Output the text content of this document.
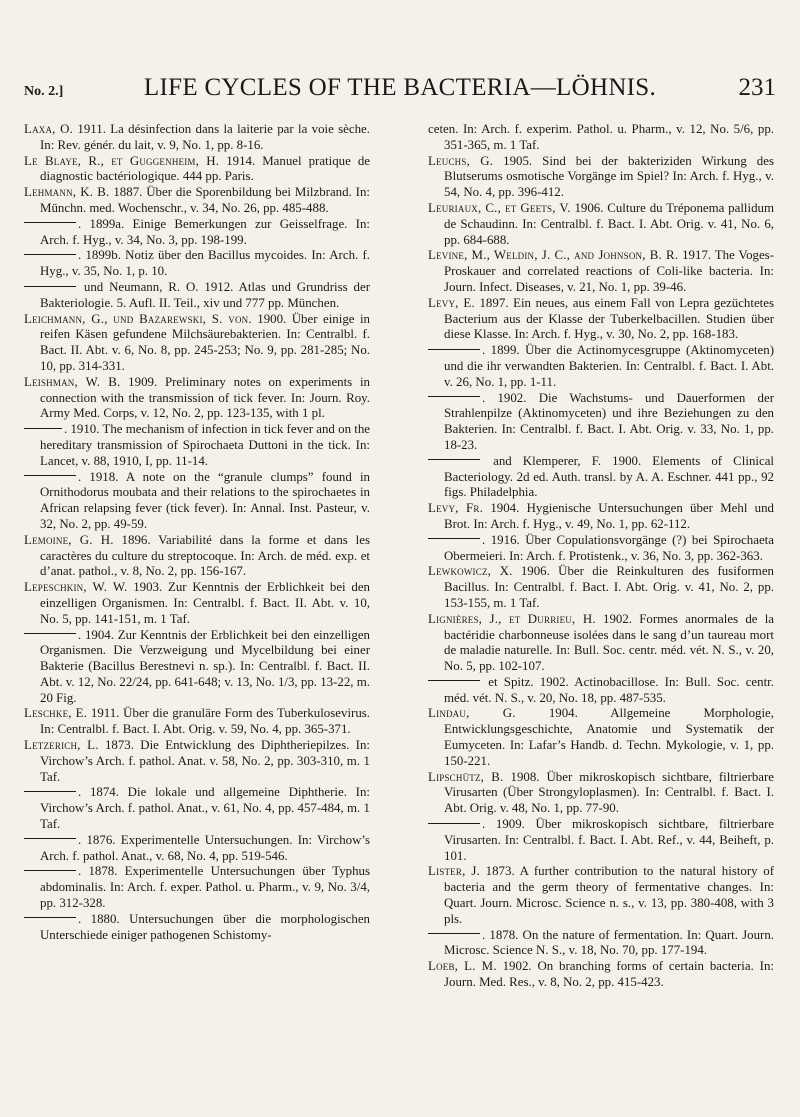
No. 2.]	LIFE CYCLES OF THE BACTERIA—LÖHNIS.	231

Laxa, O. 1911. La désinfection dans la laiterie par la voie sèche. In: Rev. génér. du lait, v. 9, No. 1, pp. 8-16.

Le Blaye, R., et Guggenheim, H. 1914. Manuel pratique de diagnostic bactériologique. 444 pp. Paris.

Lehmann, K. B. 1887. Über die Sporenbildung bei Milzbrand. In: Münchn. med. Wochenschr., v. 34, No. 26, pp. 485-488.

. 1899a. Einige Bemerkungen zur Geisselfrage. In: Arch. f. Hyg., v. 34, No. 3, pp. 198-199.

. 1899b. Notiz über den Bacillus mycoides. In: Arch. f. Hyg., v. 35, No. 1, p. 10.

und Neumann, R. O. 1912. Atlas und Grundriss der Bakteriologie. 5. Aufl. II. Teil., xiv und 777 pp. München.

Leichmann, G., und Bazarewski, S. von. 1900. Über einige in reifen Käsen gefundene Milchsäurebakterien. In: Centralbl. f. Bact. II. Abt. v. 6, No. 8, pp. 245-253; No. 9, pp. 281-285; No. 10, pp. 314-331.

Leishman, W. B. 1909. Preliminary notes on experiments in connection with the transmission of tick fever. In: Journ. Roy. Army Med. Corps, v. 12, No. 2, pp. 123-135, with 1 pl.

. 1910. The mechanism of infection in tick fever and on the hereditary transmission of Spirochaeta Duttoni in the tick. In: Lancet, v. 88, 1910, I, pp. 11-14.

. 1918. A note on the “granule clumps” found in Ornithodorus moubata and their relations to the spirochaetes in African relapsing fever (tick fever). In: Annal. Inst. Pasteur, v. 32, No. 2, pp. 49-59.

Lemoine, G. H. 1896. Variabilité dans la forme et dans les caractères du culture du streptocoque. In: Arch. de méd. exp. et d’anat. pathol., v. 8, No. 2, pp. 156-167.

Lepeschkin, W. W. 1903. Zur Kenntnis der Erblichkeit bei den einzelligen Organismen. In: Centralbl. f. Bact. II. Abt. v. 10, No. 5, pp. 141-151, m. 1 Taf.

. 1904. Zur Kenntnis der Erblichkeit bei den einzelligen Organismen. Die Verzweigung und Mycelbildung bei einer Bakterie (Bacillus Berestnevi n. sp.). In: Centralbl. f. Bact. II. Abt. v. 12, No. 22/24, pp. 641-648; v. 13, No. 1/3, pp. 13-22, m. 20 Fig.

Leschke, E. 1911. Über die granuläre Form des Tuberkulosevirus. In: Centralbl. f. Bact. I. Abt. Orig. v. 59, No. 4, pp. 365-371.

Letzerich, L. 1873. Die Entwicklung des Diphtheriepilzes. In: Virchow’s Arch. f. pathol. Anat. v. 58, No. 2, pp. 303-310, m. 1 Taf.

. 1874. Die lokale und allgemeine Diphtherie. In: Virchow’s Arch. f. pathol. Anat., v. 61, No. 4, pp. 457-484, m. 1 Taf.

. 1876. Experimentelle Untersuchungen. In: Virchow’s Arch. f. pathol. Anat., v. 68, No. 4, pp. 519-546.

. 1878. Experimentelle Untersuchungen über Typhus abdominalis. In: Arch. f. exper. Pathol. u. Pharm., v. 9, No. 3/4, pp. 312-328.

. 1880. Untersuchungen über die morphologischen Unterschiede einiger pathogenen Schistomy-

ceten. In: Arch. f. experim. Pathol. u. Pharm., v. 12, No. 5/6, pp. 351-365, m. 1 Taf.

Leuchs, G. 1905. Sind bei der bakteriziden Wirkung des Blutserums osmotische Vorgänge im Spiel? In: Arch. f. Hyg., v. 54, No. 4, pp. 396-412.

Leuriaux, C., et Geets, V. 1906. Culture du Tréponema pallidum de Schaudinn. In: Centralbl. f. Bact. I. Abt. Orig. v. 41, No. 6, pp. 684-688.

Levine, M., Weldin, J. C., and Johnson, B. R. 1917. The Voges-Proskauer and correlated reactions of Coli-like bacteria. In: Journ. Infect. Diseases, v. 21, No. 1, pp. 39-46.

Levy, E. 1897. Ein neues, aus einem Fall von Lepra gezüchtetes Bacterium aus der Klasse der Tuberkelbacillen. Studien über diese Klasse. In: Arch. f. Hyg., v. 30, No. 2, pp. 168-183.

. 1899. Über die Actinomycesgruppe (Aktinomyceten) und die ihr verwandten Bakterien. In: Centralbl. f. Bact. I. Abt. v. 26, No. 1, pp. 1-11.

. 1902. Die Wachstums- und Dauerformen der Strahlenpilze (Aktinomyceten) und ihre Beziehungen zu den Bakterien. In: Centralbl. f. Bact. I. Abt. Orig. v. 33, No. 1, pp. 18-23.

and Klemperer, F. 1900. Elements of Clinical Bacteriology. 2d ed. Auth. transl. by A. A. Eschner. 441 pp., 92 figs. Philadelphia.

Levy, Fr. 1904. Hygienische Untersuchungen über Mehl und Brot. In: Arch. f. Hyg., v. 49, No. 1, pp. 62-112.

. 1916. Über Copulationsvorgänge (?) bei Spirochaeta Obermeieri. In: Arch. f. Protistenk., v. 36, No. 3, pp. 362-363.

Lewkowicz, X. 1906. Über die Reinkulturen des fusiformen Bacillus. In: Centralbl. f. Bact. I. Abt. Orig. v. 41, No. 2, pp. 153-155, m. 1 Taf.

Lignières, J., et Durrieu, H. 1902. Formes anormales de la bactéridie charbonneuse isolées dans le sang d’un taureau mort de maladie naturelle. In: Bull. Soc. centr. méd. vét. N. S., v. 20, No. 5, pp. 102-107.

et Spitz. 1902. Actinobacillose. In: Bull. Soc. centr. méd. vét. N. S., v. 20, No. 18, pp. 487-535.

Lindau, G. 1904. Allgemeine Morphologie, Entwicklungsgeschichte, Anatomie und Systematik der Eumyceten. In: Lafar’s Handb. d. Techn. Mykologie, v. 1, pp. 150-221.

Lipschütz, B. 1908. Über mikroskopisch sichtbare, filtrierbare Virusarten (Über Strongyloplasmen). In: Centralbl. f. Bact. I. Abt. Orig. v. 48, No. 1, pp. 77-90.

. 1909. Über mikroskopisch sichtbare, filtrierbare Virusarten. In: Centralbl. f. Bact. I. Abt. Ref., v. 44, Beiheft, p. 101.

Lister, J. 1873. A further contribution to the natural history of bacteria and the germ theory of fermentative changes. In: Quart. Journ. Microsc. Science n. s., v. 13, pp. 380-408, with 3 pls.

. 1878. On the nature of fermentation. In: Quart. Journ. Microsc. Science N. S., v. 18, No. 70, pp. 177-194.

Loeb, L. M. 1902. On branching forms of certain bacteria. In: Journ. Med. Res., v. 8, No. 2, pp. 415-423.
